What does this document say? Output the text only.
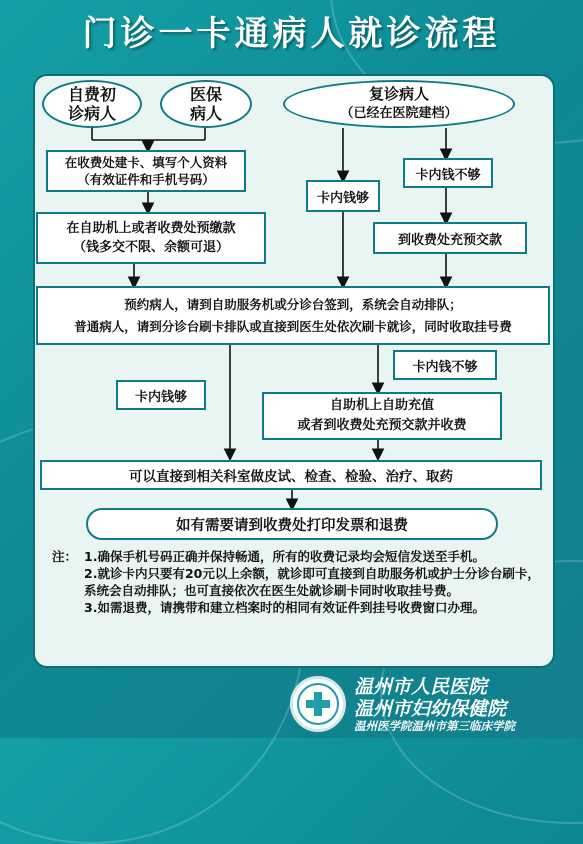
门诊一卡通病人就诊流程
自费初
诊病人
医保
病人
复诊病人
（已经在医院建档）
在收费处建卡、填写个人资料
（有效证件和手机号码）
卡内钱够
卡内钱不够
在自助机上或者收费处预缴款
（钱多交不限、余额可退）	到收费处充预交款
预约病人，请到自助服务机或分诊台签到，系统会自动排队；
普通病人，请到分诊台刷卡排队或直接到医生处依次刷卡就诊，同时收取挂号费
卡内钱不够
卡内钱够
自助机上自助充值
或者到收费处充预交款并收费
可以直接到相关科室做皮试、检查、检验、治疗、取药
如有需要请到收费处打印发票和退费
注： 1.确保手机号码正确并保持畅通，所有的收费记录均会短信发送至手机。
2.就诊卡内只要有20元以上余额，就诊即可直接到自助服务机或护士分诊台刷卡，系统会自动排队；也可直接依次在医生处就诊刷卡同时收取挂号费。
3.如需退费，请携带和建立档案时的相同有效证件到挂号收费窗口办理。
温州市人民医院
温州市妇幼保健院
温州医学院温州市第三临床学院
